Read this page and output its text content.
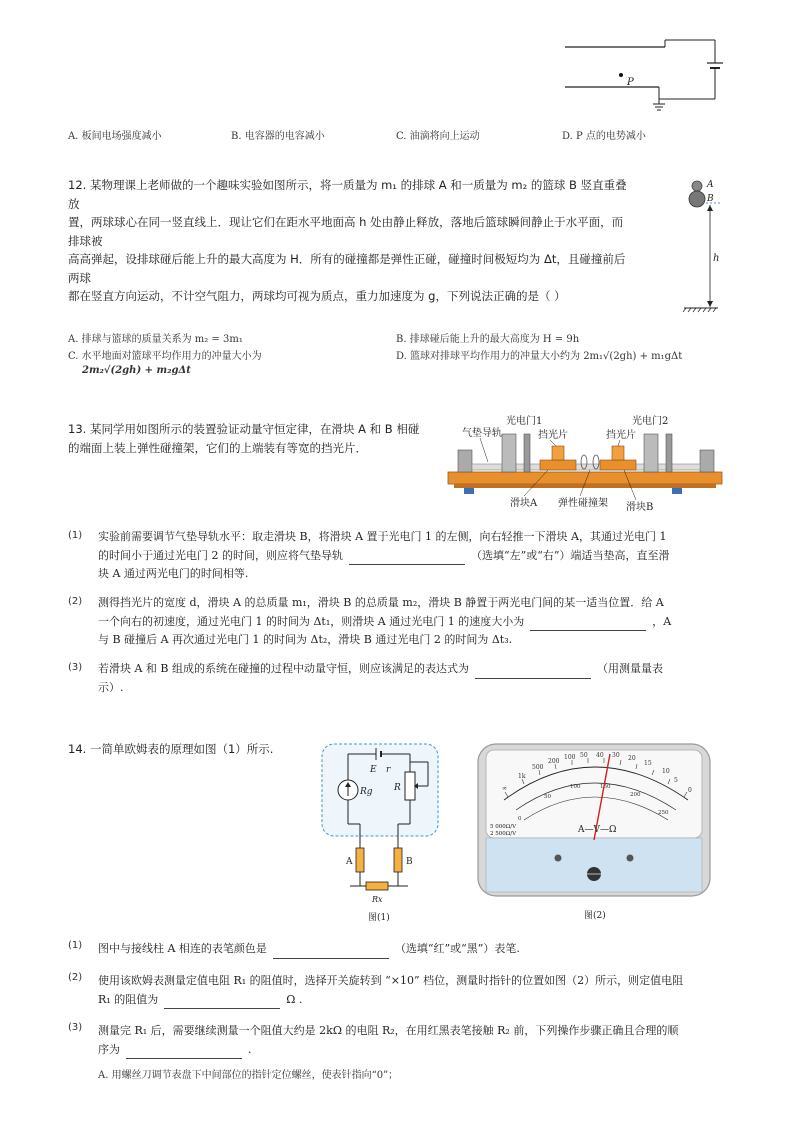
P
A. 板间电场强度减小	B. 电容器的电容减小	C. 油滴将向上运动	D. P 点的电势减小
12. 某物理课上老师做的一个趣味实验如图所示，将一质量为 m₁ 的排球 A 和一质量为 m₂ 的篮球 B 竖直重叠放
置，两球球心在同一竖直线上．现让它们在距水平地面高 h 处由静止释放，落地后篮球瞬间静止于水平面，而排球被
高高弹起，设排球碰后能上升的最大高度为 H．所有的碰撞都是弹性正碰，碰撞时间极短均为 Δt，且碰撞前后两球
都在竖直方向运动，不计空气阻力，两球均可视为质点，重力加速度为 g，下列说法正确的是（ ）
A
B
h
A. 排球与篮球的质量关系为 m₂ = 3m₁	B. 排球碰后能上升的最大高度为 H = 9h
C. 水平地面对篮球平均作用力的冲量大小为	D. 篮球对排球平均作用力的冲量大小约为 2m₁√(2gh) + m₁gΔt
2m₂√(2gh) + m₂gΔt
13. 某同学用如图所示的装置验证动量守恒定律，在滑块 A 和 B 相碰
的端面上装上弹性碰撞架，它们的上端装有等宽的挡光片．
光电门1	光电门2
气垫导轨	挡光片	挡光片
滑块A 弹性碰撞架 滑块B
(1) 实验前需要调节气垫导轨水平：取走滑块 B，将滑块 A 置于光电门 1 的左侧，向右轻推一下滑块 A，其通过光电门 1
的时间小于通过光电门 2 的时间，则应将气垫导轨	（选填“左”或“右”）端适当垫高，直至滑
块 A 通过两光电门的时间相等.
(2) 测得挡光片的宽度 d，滑块 A 的总质量 m₁，滑块 B 的总质量 m₂，滑块 B 静置于两光电门间的某一适当位置．给 A
一个向右的初速度，通过光电门 1 的时间为 Δt₁，则滑块 A 通过光电门 1 的速度大小为	，A
与 B 碰撞后 A 再次通过光电门 1 的时间为 Δt₂，滑块 B 通过光电门 2 的时间为 Δt₃.
(3) 若滑块 A 和 B 组成的系统在碰撞的过程中动量守恒，则应该满足的表达式为	（用测量量表
示）.
14. 一简单欧姆表的原理如图（1）所示.
E r
Rg R
A	B
Rx
图(1)
∞
1k
500
200
100 50 40 30 20
15
10
5
0
0
50
100	150
200
250
A—V—Ω
5 000Ω/V
2 500Ω/V
图(2)
(1) 图中与接线柱 A 相连的表笔颜色是	（选填“红”或“黑”）表笔.
(2) 使用该欧姆表测量定值电阻 R₁ 的阻值时，选择开关旋转到 “×10” 档位，测量时指针的位置如图（2）所示，则定值电阻
R₁ 的阻值为	Ω .
(3) 测量完 R₁ 后，需要继续测量一个阻值大约是 2kΩ 的电阻 R₂，在用红黑表笔接触 R₂ 前，下列操作步骤正确且合理的顺
序为	.
A. 用螺丝刀调节表盘下中间部位的指针定位螺丝，使表针指向“0”；
